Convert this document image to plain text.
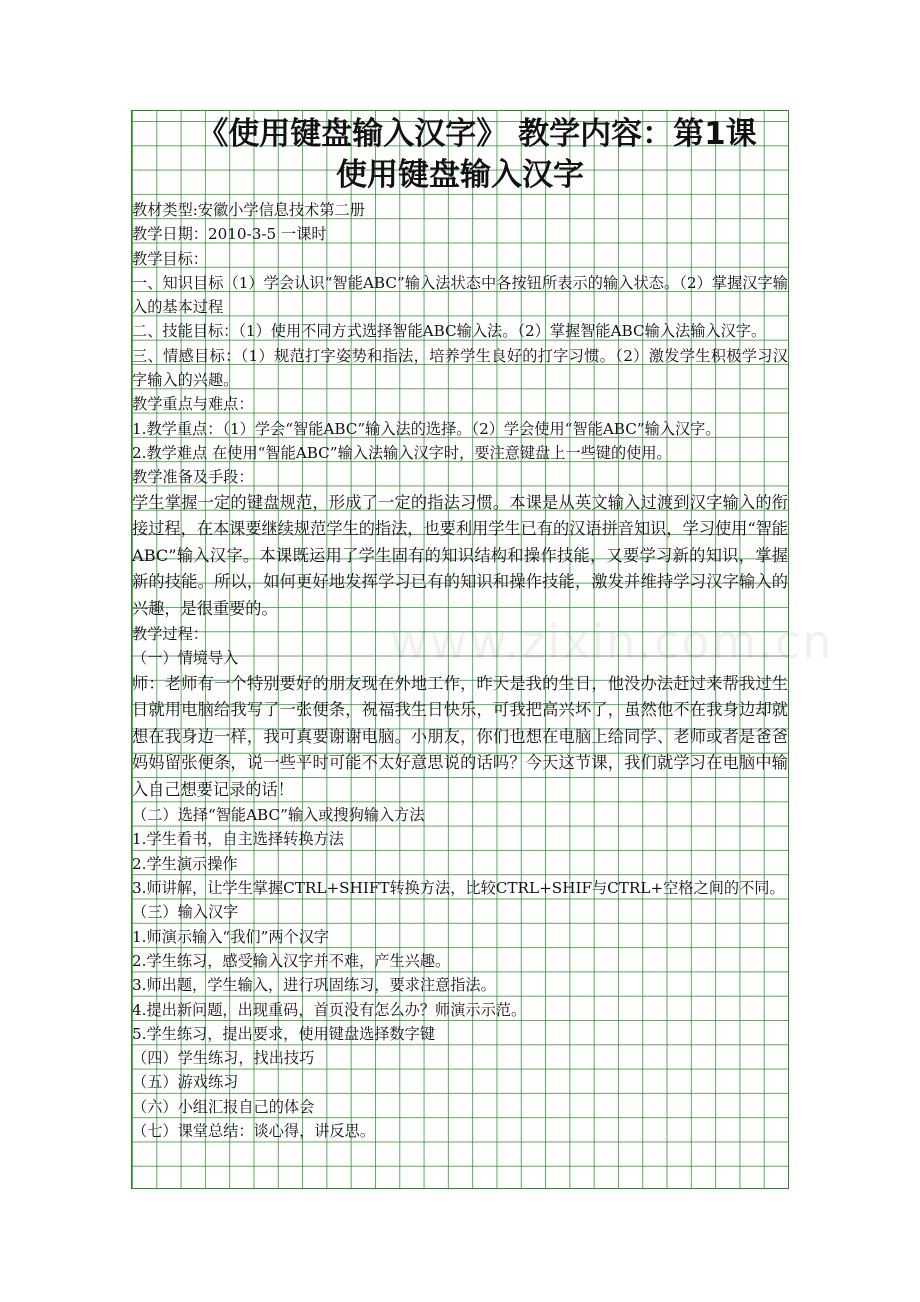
《使用键盘输入汉字》 教学内容：第1课
使用键盘输入汉字

教材类型:安徽小学信息技术第二册

教学日期：2010-3-5 一课时

教学目标：

一、知识目标（1）学会认识“智能ABC”输入法状态中各按钮所表示的输入状态。（2）掌握汉字输入的基本过程

二、技能目标：（1）使用不同方式选择智能ABC输入法。（2）掌握智能ABC输入法输入汉字。

三、情感目标：（1）规范打字姿势和指法，培养学生良好的打字习惯。（2）激发学生积极学习汉字输入的兴趣。

教学重点与难点：

1.教学重点：（1）学会“智能ABC”输入法的选择。（2）学会使用“智能ABC”输入汉字。

2.教学难点 在使用“智能ABC”输入法输入汉字时，要注意键盘上一些键的使用。

教学准备及手段：

学生掌握一定的键盘规范，形成了一定的指法习惯。本课是从英文输入过渡到汉字输入的衔接过程，在本课要继续规范学生的指法，也要利用学生已有的汉语拼音知识，学习使用“智能ABC”输入汉字。本课既运用了学生固有的知识结构和操作技能，又要学习新的知识，掌握新的技能。所以，如何更好地发挥学习已有的知识和操作技能，激发并维持学习汉字输入的兴趣，是很重要的。

教学过程：

（一）情境导入

师：老师有一个特别要好的朋友现在外地工作，昨天是我的生日，他没办法赶过来帮我过生日就用电脑给我写了一张便条，祝福我生日快乐，可我把高兴坏了，虽然他不在我身边却就想在我身边一样，我可真要谢谢电脑。小朋友，你们也想在电脑上给同学、老师或者是爸爸妈妈留张便条，说一些平时可能不太好意思说的话吗？今天这节课，我们就学习在电脑中输入自己想要记录的话！

（二）选择“智能ABC”输入或搜狗输入方法

1.学生看书，自主选择转换方法

2.学生演示操作

3.师讲解，让学生掌握CTRL+SHIFT转换方法，比较CTRL+SHIF与CTRL+空格之间的不同。

（三）输入汉字

1.师演示输入“我们”两个汉字

2.学生练习，感受输入汉字并不难，产生兴趣。

3.师出题，学生输入，进行巩固练习，要求注意指法。

4.提出新问题，出现重码，首页没有怎么办？师演示示范。

5.学生练习，提出要求，使用键盘选择数字键

（四）学生练习，找出技巧

（五）游戏练习

（六）小组汇报自己的体会

（七）课堂总结：谈心得，讲反思。
